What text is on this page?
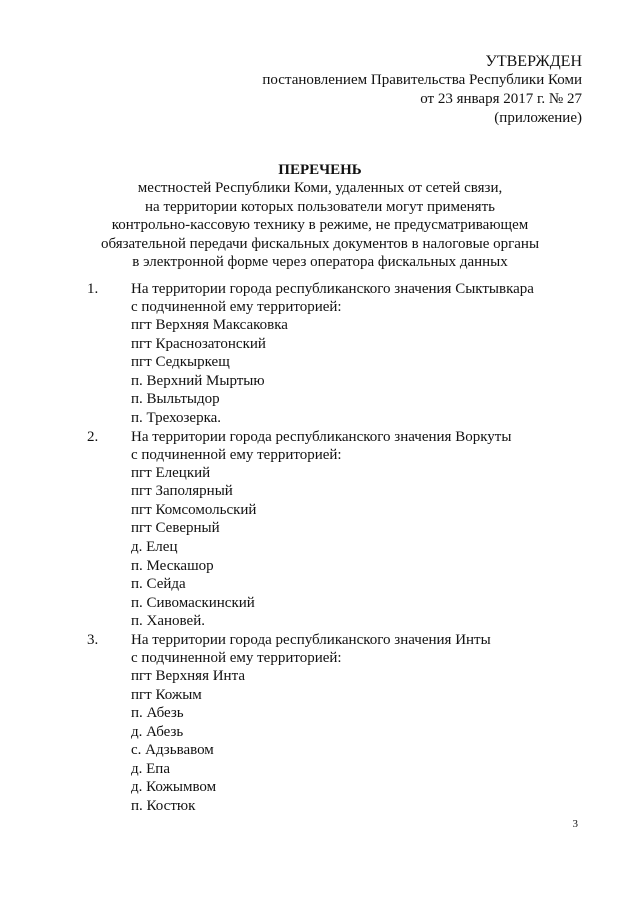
УТВЕРЖДЕН
постановлением Правительства Республики Коми
от 23 января 2017 г. № 27
(приложение)
ПЕРЕЧЕНЬ
местностей Республики Коми, удаленных от сетей связи,
на территории которых пользователи могут применять
контрольно-кассовую технику в режиме, не предусматривающем
обязательной передачи фискальных документов в налоговые органы
в электронной форме через оператора фискальных данных
1.	На территории города республиканского значения Сыктывкара
с подчиненной ему территорией:
пгт Верхняя Максаковка
пгт Краснозатонский
пгт Седкыркещ
п. Верхний Мыртыю
п. Выльтыдор
п. Трехозерка.
2.	На территории города республиканского значения Воркуты
с подчиненной ему территорией:
пгт Елецкий
пгт Заполярный
пгт Комсомольский
пгт Северный
д. Елец
п. Мескашор
п. Сейда
п. Сивомаскинский
п. Хановей.
3.	На территории города республиканского значения Инты
с подчиненной ему территорией:
пгт Верхняя Инта
пгт Кожым
п. Абезь
д. Абезь
с. Адзьвавом
д. Епа
д. Кожымвом
п. Костюк
3
